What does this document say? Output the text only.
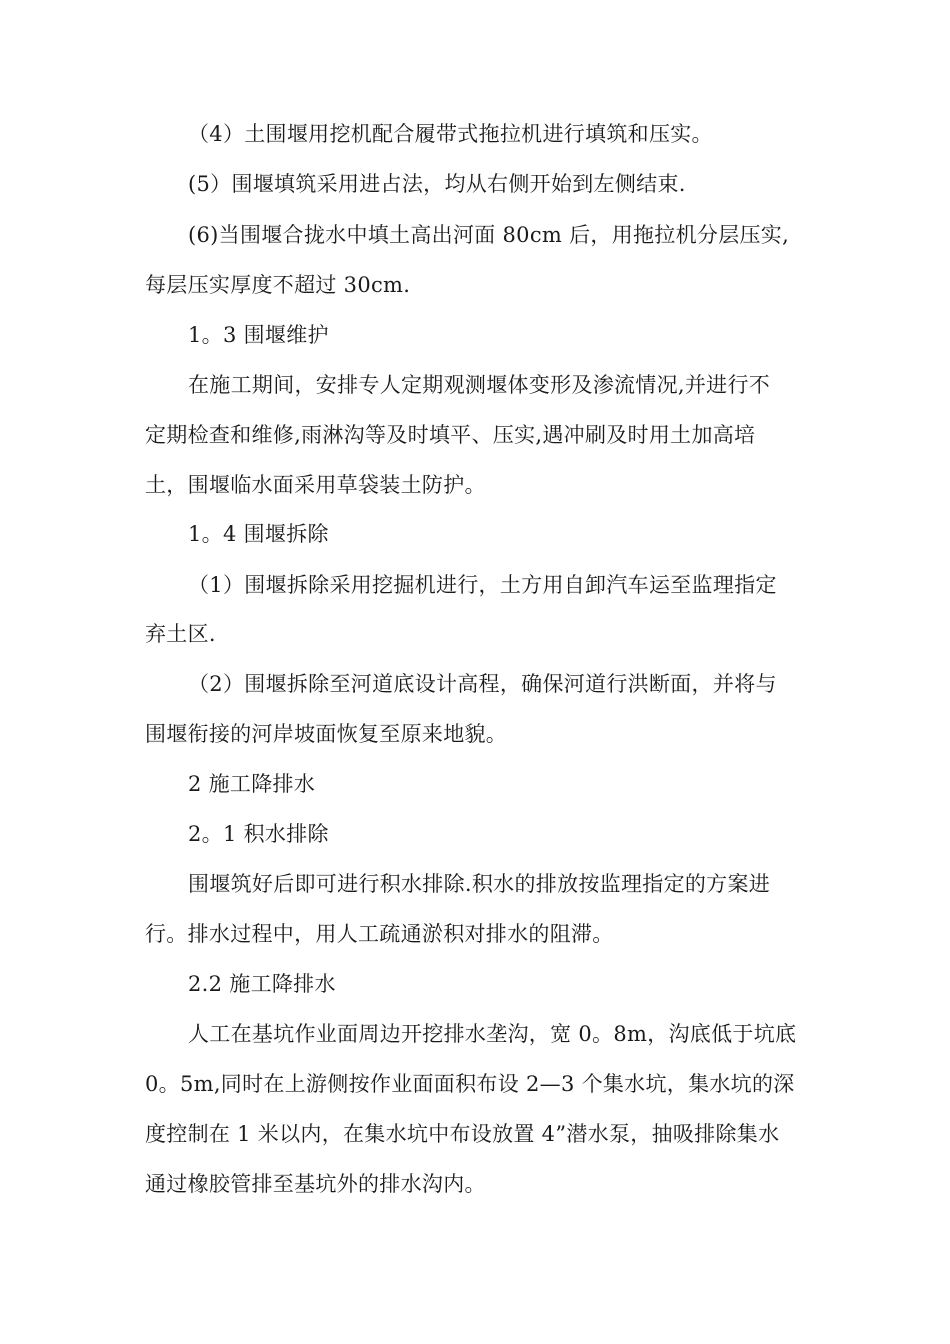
（4）土围堰用挖机配合履带式拖拉机进行填筑和压实。
(5）围堰填筑采用进占法，均从右侧开始到左侧结束.
(6)当围堰合拢水中填土高出河面 80cm 后，用拖拉机分层压实,
每层压实厚度不超过 30cm.
1。3 围堰维护
在施工期间，安排专人定期观测堰体变形及渗流情况,并进行不
定期检查和维修,雨淋沟等及时填平、压实,遇冲刷及时用土加高培
土，围堰临水面采用草袋装土防护。
1。4 围堰拆除
（1）围堰拆除采用挖掘机进行，土方用自卸汽车运至监理指定
弃土区.
（2）围堰拆除至河道底设计高程，确保河道行洪断面，并将与
围堰衔接的河岸坡面恢复至原来地貌。
2 施工降排水
2。1 积水排除
围堰筑好后即可进行积水排除.积水的排放按监理指定的方案进
行。排水过程中，用人工疏通淤积对排水的阻滞。
2.2 施工降排水
人工在基坑作业面周边开挖排水垄沟，宽 0。8m，沟底低于坑底
0。5m,同时在上游侧按作业面面积布设 2—3 个集水坑，集水坑的深
度控制在 1 米以内，在集水坑中布设放置 4”潜水泵，抽吸排除集水
通过橡胶管排至基坑外的排水沟内。
